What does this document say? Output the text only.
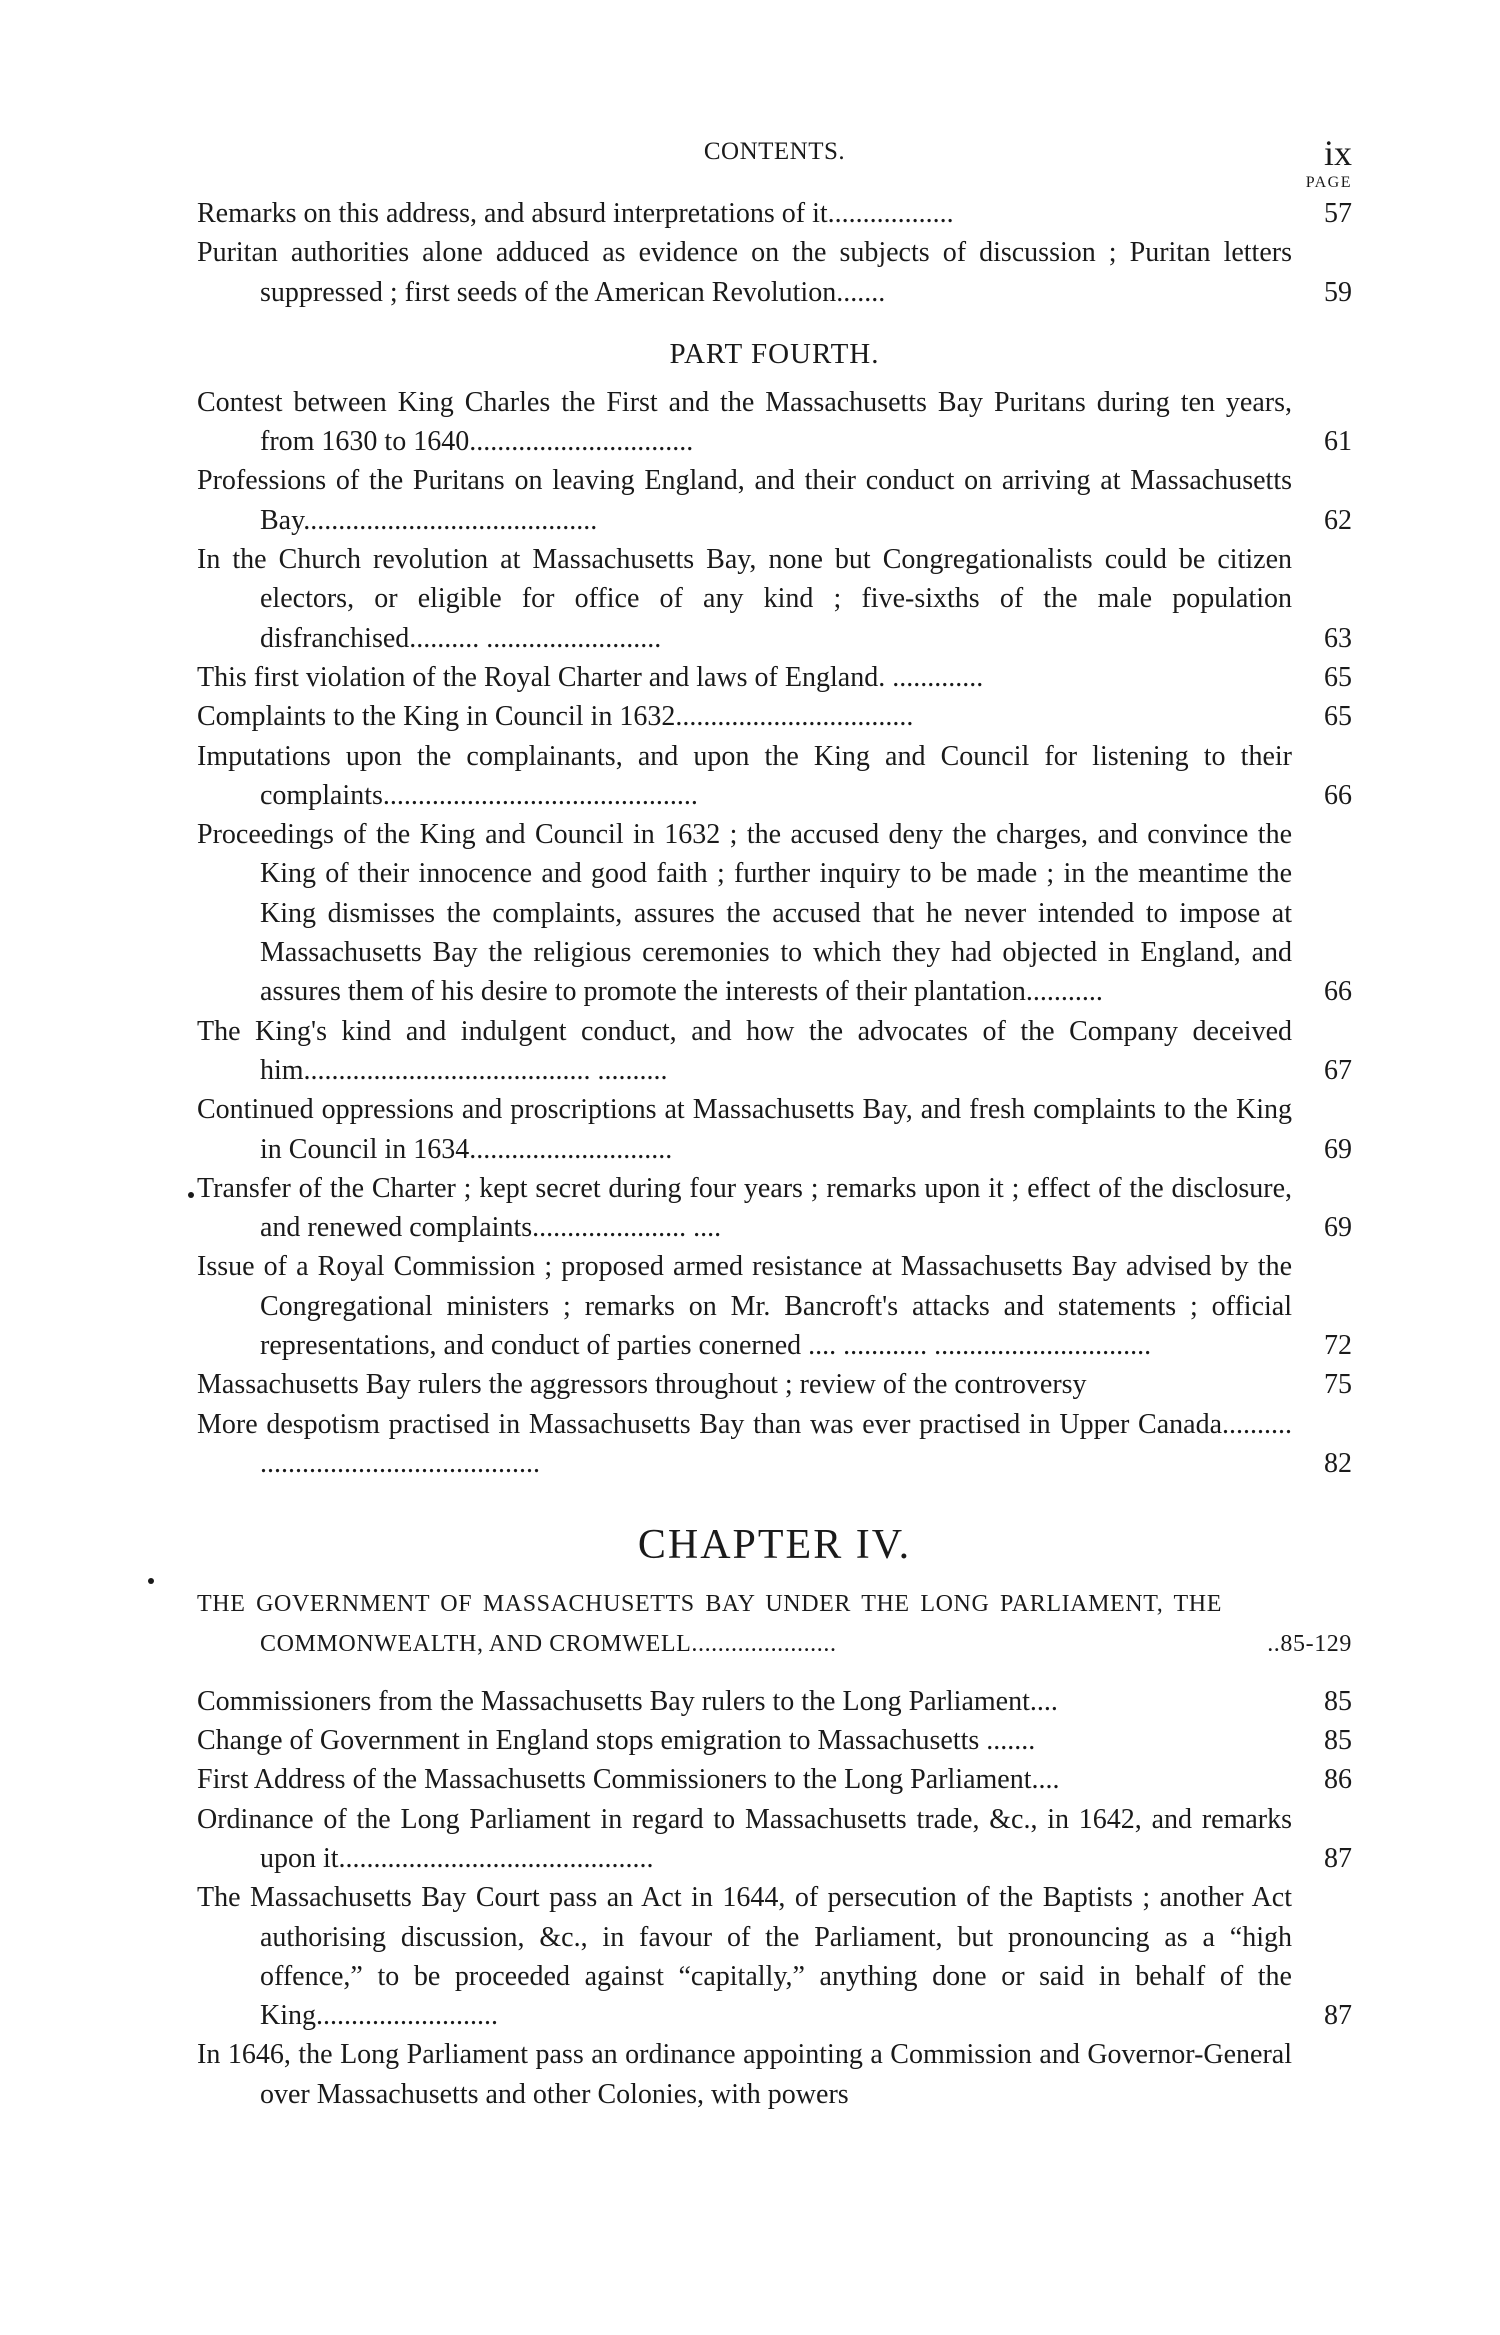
CONTENTS.	ix
PAGE
Remarks on this address, and absurd interpretations of it..................	57
Puritan authorities alone adduced as evidence on the subjects of discussion ; Puritan letters suppressed ; first seeds of the American Revolution.......	59
PART FOURTH.
Contest between King Charles the First and the Massachusetts Bay Puritans during ten years, from 1630 to 1640................................	61
Professions of the Puritans on leaving England, and their conduct on arriving at Massachusetts Bay..........................................	62
In the Church revolution at Massachusetts Bay, none but Congregationalists could be citizen electors, or eligible for office of any kind ; five-sixths of the male population disfranchised.......... .........................	63
This first violation of the Royal Charter and laws of England. .............	65
Complaints to the King in Council in 1632..................................	65
Imputations upon the complainants, and upon the King and Council for listening to their complaints.............................................	66
Proceedings of the King and Council in 1632 ; the accused deny the charges, and convince the King of their innocence and good faith ; further inquiry to be made ; in the meantime the King dismisses the complaints, assures the accused that he never intended to impose at Massachusetts Bay the religious ceremonies to which they had objected in England, and assures them of his desire to promote the interests of their plantation...........	66
The King's kind and indulgent conduct, and how the advocates of the Company deceived him......................................... ..........	67
Continued oppressions and proscriptions at Massachusetts Bay, and fresh complaints to the King in Council in 1634.............................	69
Transfer of the Charter ; kept secret during four years ; remarks upon it ; effect of the disclosure, and renewed complaints...................... ....	69
Issue of a Royal Commission ; proposed armed resistance at Massachusetts Bay advised by the Congregational ministers ; remarks on Mr. Bancroft's attacks and statements ; official representations, and conduct of parties conerned .... ............ ...............................	72
Massachusetts Bay rulers the aggressors throughout ; review of the controversy	75
More despotism practised in Massachusetts Bay than was ever practised in Upper Canada.......... ........................................	82
CHAPTER IV.
THE GOVERNMENT OF MASSACHUSETTS BAY UNDER THE LONG PARLIAMENT, THE COMMONWEALTH, AND CROMWELL......................	..85-129
Commissioners from the Massachusetts Bay rulers to the Long Parliament....	85
Change of Government in England stops emigration to Massachusetts .......	85
First Address of the Massachusetts Commissioners to the Long Parliament....	86
Ordinance of the Long Parliament in regard to Massachusetts trade, &c., in 1642, and remarks upon it.............................................	87
The Massachusetts Bay Court pass an Act in 1644, of persecution of the Baptists ; another Act authorising discussion, &c., in favour of the Parliament, but pronouncing as a “high offence,” to be proceeded against “capitally,” anything done or said in behalf of the King..........................	87
In 1646, the Long Parliament pass an ordinance appointing a Commission and Governor-General over Massachusetts and other Colonies, with powers
